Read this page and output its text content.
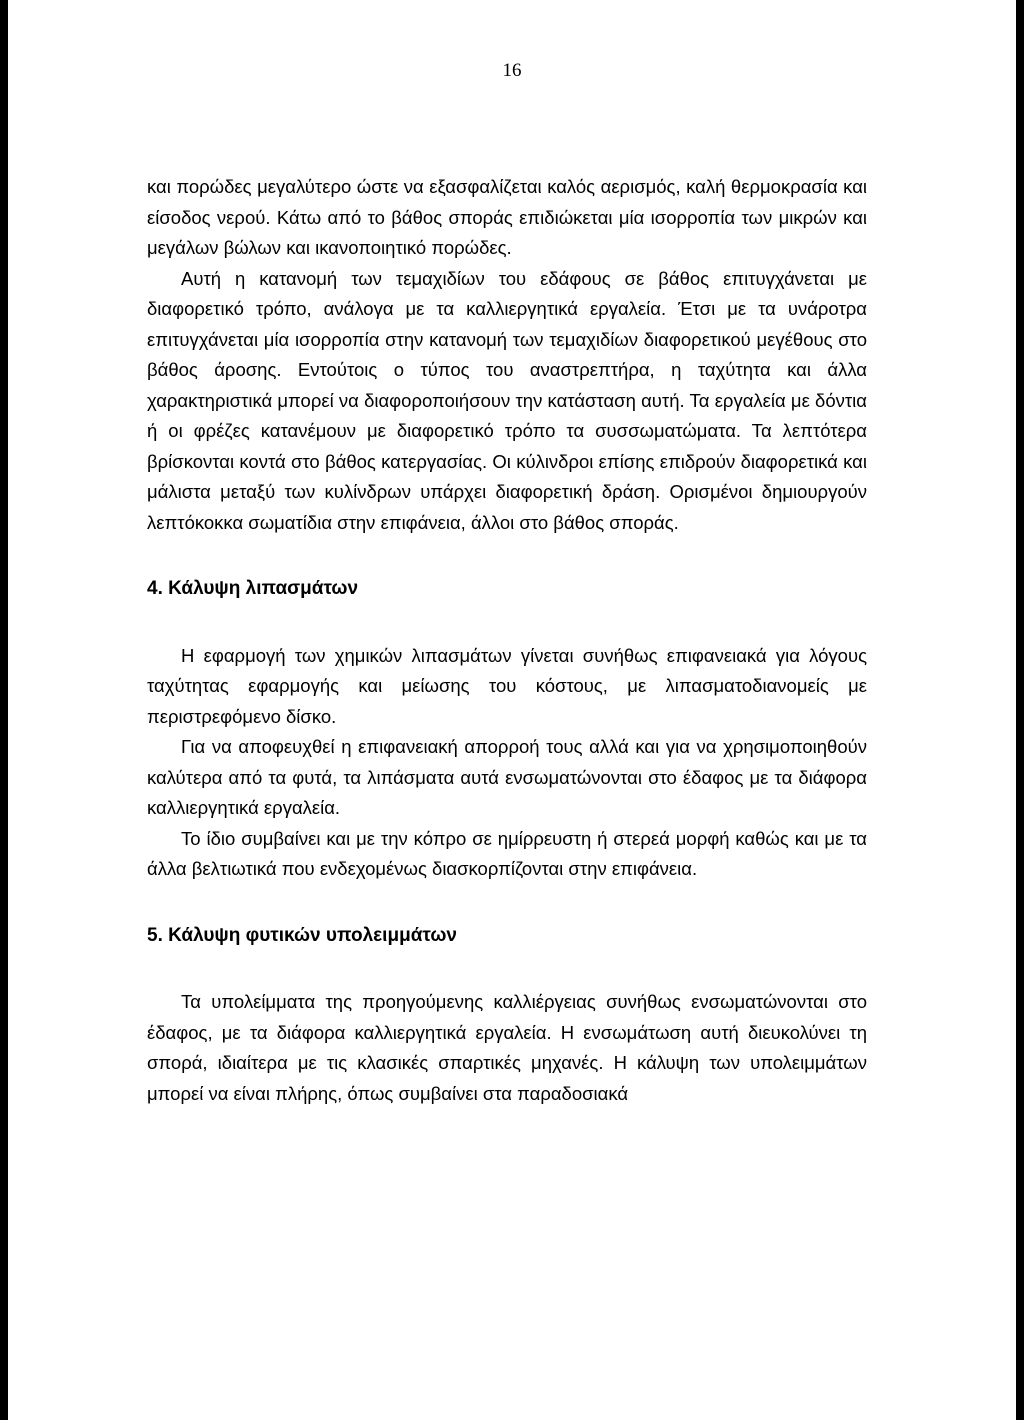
16

και πορώδες μεγαλύτερο ώστε να εξασφαλίζεται καλός αερισμός, καλή θερμοκρασία και είσοδος νερού. Κάτω από το βάθος σποράς επιδιώκεται μία ισορροπία των μικρών και μεγάλων βώλων και ικανοποιητικό πορώδες.

Αυτή η κατανομή των τεμαχιδίων του εδάφους σε βάθος επιτυγχάνεται με διαφορετικό τρόπο, ανάλογα με τα καλλιεργητικά εργαλεία. Έτσι με τα υνάροτρα επιτυγχάνεται μία ισορροπία στην κατανομή των τεμαχιδίων διαφορετικού μεγέθους στο βάθος άροσης. Εντούτοις ο τύπος του αναστρεπτήρα, η ταχύτητα και άλλα χαρακτηριστικά μπορεί να διαφοροποιήσουν την κατάσταση αυτή. Τα εργαλεία με δόντια ή οι φρέζες κατανέμουν με διαφορετικό τρόπο τα συσσωματώματα. Τα λεπτότερα βρίσκονται κοντά στο βάθος κατεργασίας. Οι κύλινδροι επίσης επιδρούν διαφορετικά και μάλιστα μεταξύ των κυλίνδρων υπάρχει διαφορετική δράση. Ορισμένοι δημιουργούν λεπτόκοκκα σωματίδια στην επιφάνεια, άλλοι στο βάθος σποράς.

4. Κάλυψη λιπασμάτων

Η εφαρμογή των χημικών λιπασμάτων γίνεται συνήθως επιφανειακά για λόγους ταχύτητας εφαρμογής και μείωσης του κόστους, με λιπασματοδιανομείς με περιστρεφόμενο δίσκο.

Για να αποφευχθεί η επιφανειακή απορροή τους αλλά και για να χρησιμοποιηθούν καλύτερα από τα φυτά, τα λιπάσματα αυτά ενσωματώνονται στο έδαφος με τα διάφορα καλλιεργητικά εργαλεία.

Το ίδιο συμβαίνει και με την κόπρο σε ημίρρευστη ή στερεά μορφή καθώς και με τα άλλα βελτιωτικά που ενδεχομένως διασκορπίζονται στην επιφάνεια.

5. Κάλυψη φυτικών υπολειμμάτων

Τα υπολείμματα της προηγούμενης καλλιέργειας συνήθως ενσωματώνονται στο έδαφος, με τα διάφορα καλλιεργητικά εργαλεία. Η ενσωμάτωση αυτή διευκολύνει τη σπορά, ιδιαίτερα με τις κλασικές σπαρτικές μηχανές. Η κάλυψη των υπολειμμάτων μπορεί να είναι πλήρης, όπως συμβαίνει στα παραδοσιακά
